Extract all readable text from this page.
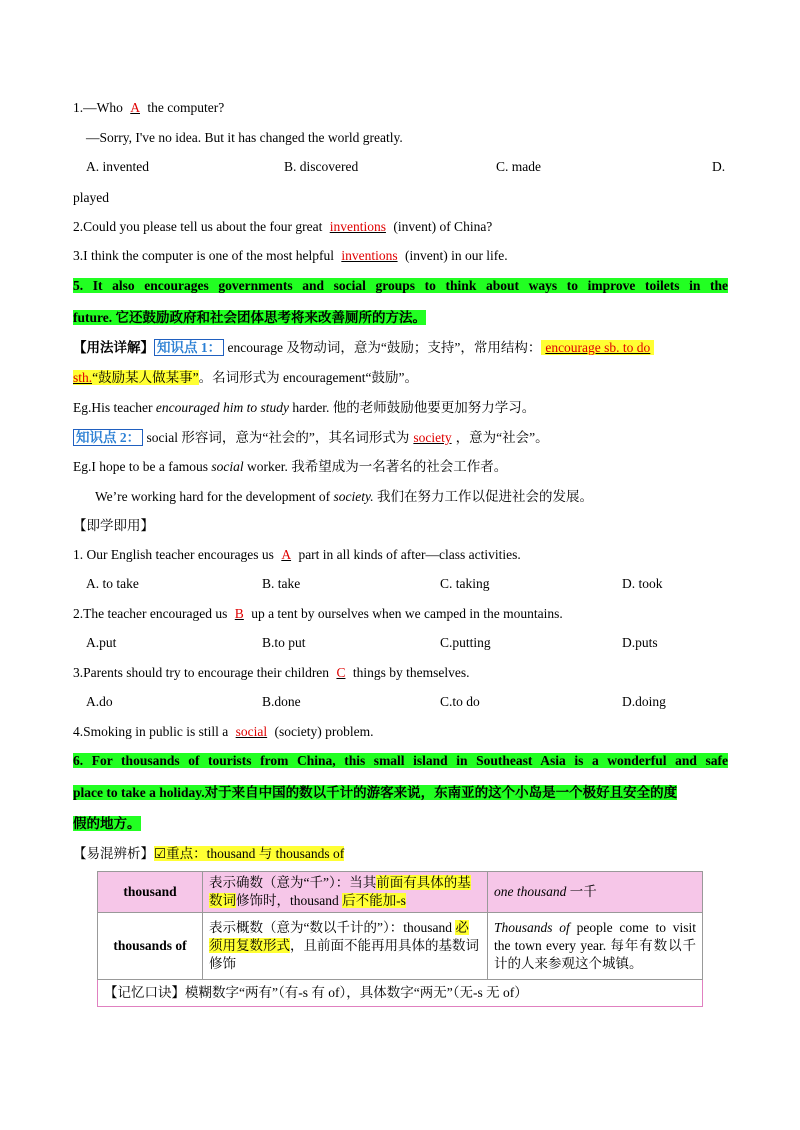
1.—Who A the computer?
—Sorry, I've no idea. But it has changed the world greatly.
A. invented	B. discovered	C. made	D.
played
2.Could you please tell us about the four great inventions (invent) of China?
3.I think the computer is one of the most helpful inventions (invent) in our life.
5. It also encourages governments and social groups to think about ways to improve toilets in the
future. 它还鼓励政府和社会团体思考将来改善厕所的方法。
【用法详解】 知识点 1： encourage 及物动词，意为“鼓励；支持”，常用结构： encourage sb. to do
sth.“鼓励某人做某事”。名词形式为 encouragement“鼓励”。
Eg.His teacher encouraged him to study harder. 他的老师鼓励他要更加努力学习。
知识点 2： social 形容词，意为“社会的”，其名词形式为 society ，意为“社会”。
Eg.I hope to be a famous social worker. 我希望成为一名著名的社会工作者。
We’re working hard for the development of society. 我们在努力工作以促进社会的发展。
【即学即用】
1. Our English teacher encourages us A part in all kinds of after—class activities.
A. to take	B. take	C. taking	D. took
2.The teacher encouraged us B up a tent by ourselves when we camped in the mountains.
A.put	B.to put	C.putting	D.puts
3.Parents should try to encourage their children C things by themselves.
A.do	B.done	C.to do	D.doing
4.Smoking in public is still a social (society) problem.
6. For thousands of tourists from China, this small island in Southeast Asia is a wonderful and safe
place to take a holiday.对于来自中国的数以千计的游客来说，东南亚的这个小岛是一个极好且安全的度
假的地方。
【易混辨析】☑重点：thousand 与 thousands of
thousand	表示确数（意为“千”）：当其前面有具体的基数词修饰时，thousand 后不能加-s	one thousand 一千
thousands of	表示概数（意为“数以千计的”）：thousand 必须用复数形式，且前面不能再用具体的基数词修饰	Thousands of people come to visit the town every year. 每年有数以千计的人来参观这个城镇。
【记忆口诀】模糊数字“两有”（有-s 有 of），具体数字“两无”（无-s 无 of）		
